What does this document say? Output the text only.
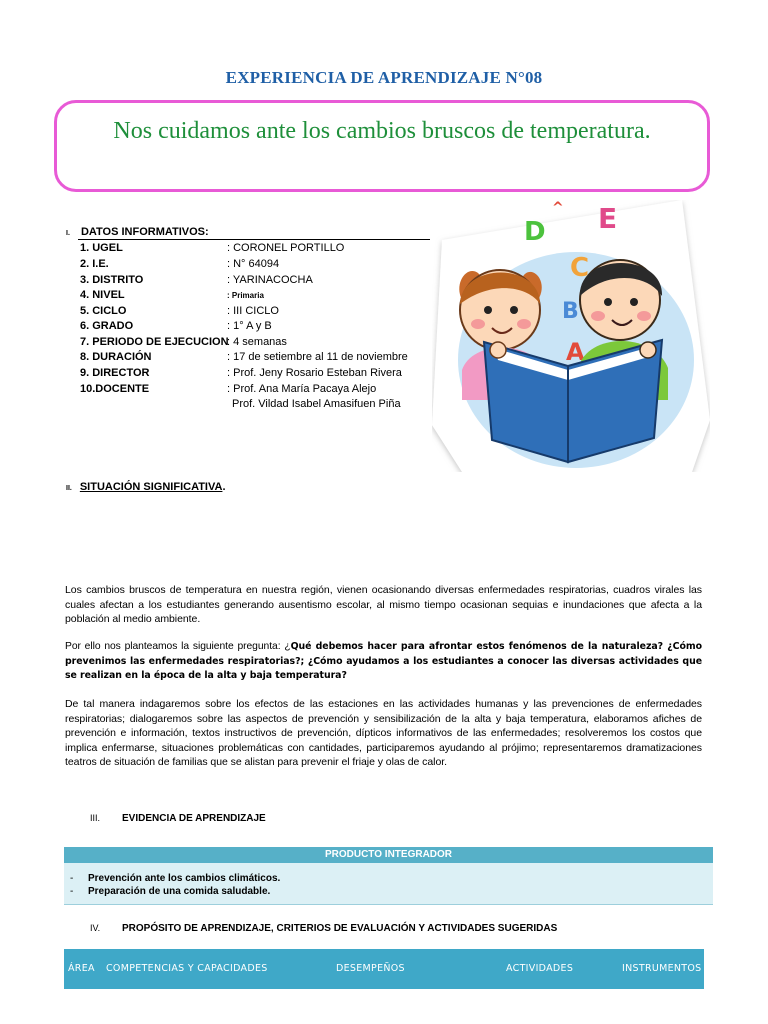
EXPERIENCIA DE APRENDIZAJE N°08
Nos cuidamos ante los cambios bruscos de temperatura.
I. DATOS INFORMATIVOS:
1. UGEL	: CORONEL PORTILLO
2. I.E.	: N° 64094
3. DISTRITO	: YARINACOCHA
4. NIVEL	: Primaria
5. CICLO	: III CICLO
6. GRADO	: 1° A y B
7. PERIODO DE EJECUCION
: 4 semanas
8. DURACIÓN	: 17 de setiembre al 11 de noviembre
9. DIRECTOR	: Prof. Jeny Rosario Esteban Rivera
10.DOCENTE	: Prof. Ana María Pacaya Alejo
Prof. Vildad Isabel Amasifuen Piña
D E
C
B
A
^
II. SITUACIÓN SIGNIFICATIVA.
Los cambios bruscos de temperatura en nuestra región, vienen ocasionando diversas enfermedades respiratorias, cuadros virales las cuales afectan a los estudiantes generando ausentismo escolar, al mismo tiempo ocasionan sequias e inundaciones que afecta a la población al medio ambiente.
Por ello nos planteamos la siguiente pregunta: ¿Qué debemos hacer para afrontar estos fenómenos de la naturaleza? ¿Cómo prevenimos las enfermedades respiratorias?; ¿Cómo ayudamos a los estudiantes a conocer las diversas actividades que se realizan en la época de la alta y baja temperatura?
De tal manera indagaremos sobre los efectos de las estaciones en las actividades humanas y las prevenciones de enfermedades respiratorias; dialogaremos sobre las aspectos de prevención y sensibilización de la alta y baja temperatura, elaboramos afiches de prevención e información, textos instructivos de prevención, dípticos informativos de las enfermedades; resolveremos los costos que implica enfermarse, situaciones problemáticas con cantidades, participaremos ayudando al prójimo; representaremos dramatizaciones teatros de situación de familias que se alistan para prevenir el friaje y olas de calor.
III. EVIDENCIA DE APRENDIZAJE
PRODUCTO INTEGRADOR
- Prevención ante los cambios climáticos.
- Preparación de una comida saludable.
IV. PROPÓSITO DE APRENDIZAJE, CRITERIOS DE EVALUACIÓN Y ACTIVIDADES SUGERIDAS
ÁREA COMPETENCIAS Y CAPACIDADES	DESEMPEÑOS	ACTIVIDADES	INSTRUMENTOS
